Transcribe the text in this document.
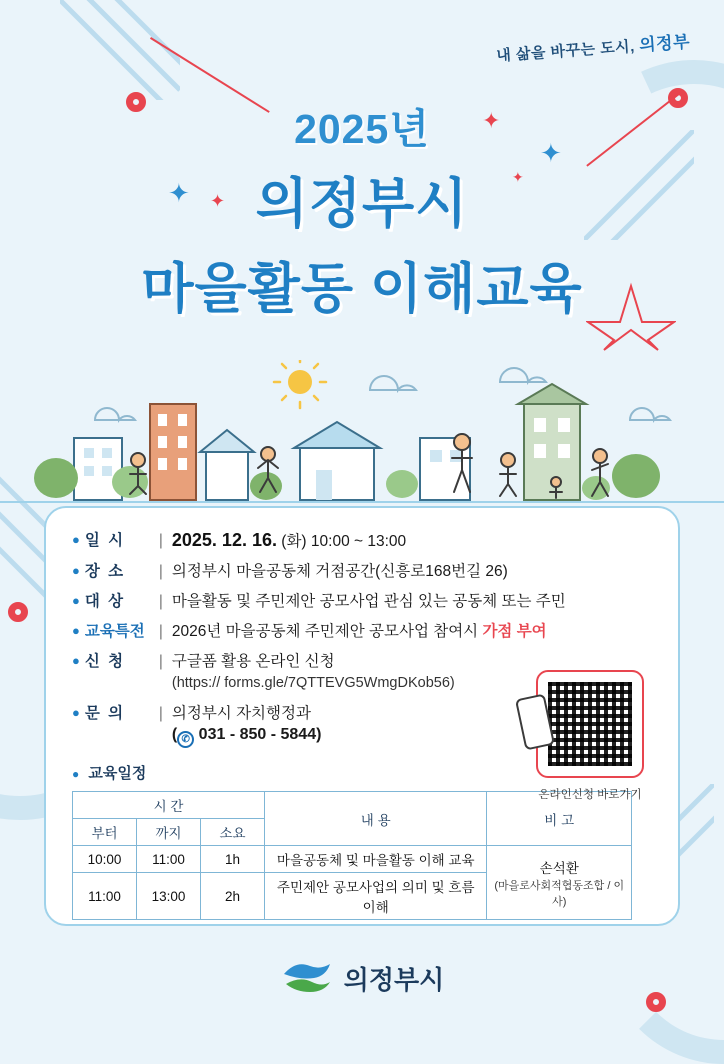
내 삶을 바꾸는 도시, 의정부
2025년
의정부시
마을활동 이해교육
✦ ✦
✦
✦
✦
● 일 시	| 2025. 12. 16. (화) 10:00 ~ 13:00
● 장 소	| 의정부시 마을공동체 거점공간(신흥로168번길 26)
● 대 상	| 마을활동 및 주민제안 공모사업 관심 있는 공동체 또는 주민
● 교육특전 | 2026년 마을공동체 주민제안 공모사업 참여시 가점 부여
● 신 청	| 구글폼 활용 온라인 신청
(https:// forms.gle/7QTTEVG5WmgDKob56)
● 문 의	| 의정부시 자치행정과
( ✆ 031 - 850 - 5844)
온라인신청 바로가기
● 교육일정
시 간			내 용	비 고
부터	까지	소요		
10:00	11:00	1h	마을공동체 및 마을활동 이해 교육	손석환
(마을로사회적협동조합 / 이사)

11:00	13:00	2h	주민제안 공모사업의 의미 및 흐름 이해	
의정부시
